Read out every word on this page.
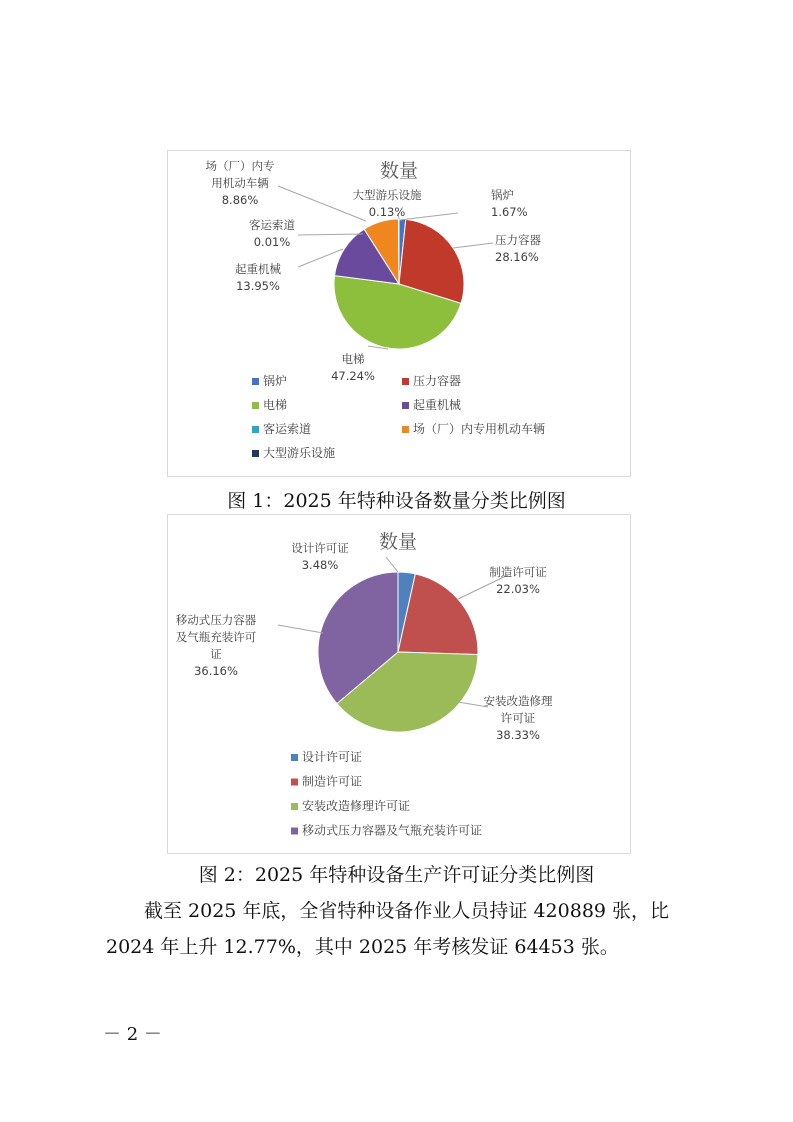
数量
锅炉
1.67%
压力容器
28.16%
电梯
47.24%
起重机械
13.95%
客运索道
0.01%
场（厂）内专
用机动车辆
8.86%	大型游乐设施
0.13%
锅炉	压力容器
电梯	起重机械
客运索道	场（厂）内专用机动车辆
大型游乐设施
图 1：2025 年特种设备数量分类比例图
数量
设计许可证
3.48%	制造许可证
22.03%
安装改造修理
许可证
38.33%
移动式压力容器
及气瓶充装许可
证
36.16%
设计许可证
制造许可证
安装改造修理许可证
移动式压力容器及气瓶充装许可证
图 2：2025 年特种设备生产许可证分类比例图
截至 2025 年底，全省特种设备作业人员持证 420889 张，比
2024 年上升 12.77%，其中 2025 年考核发证 64453 张。
－ 2 －
